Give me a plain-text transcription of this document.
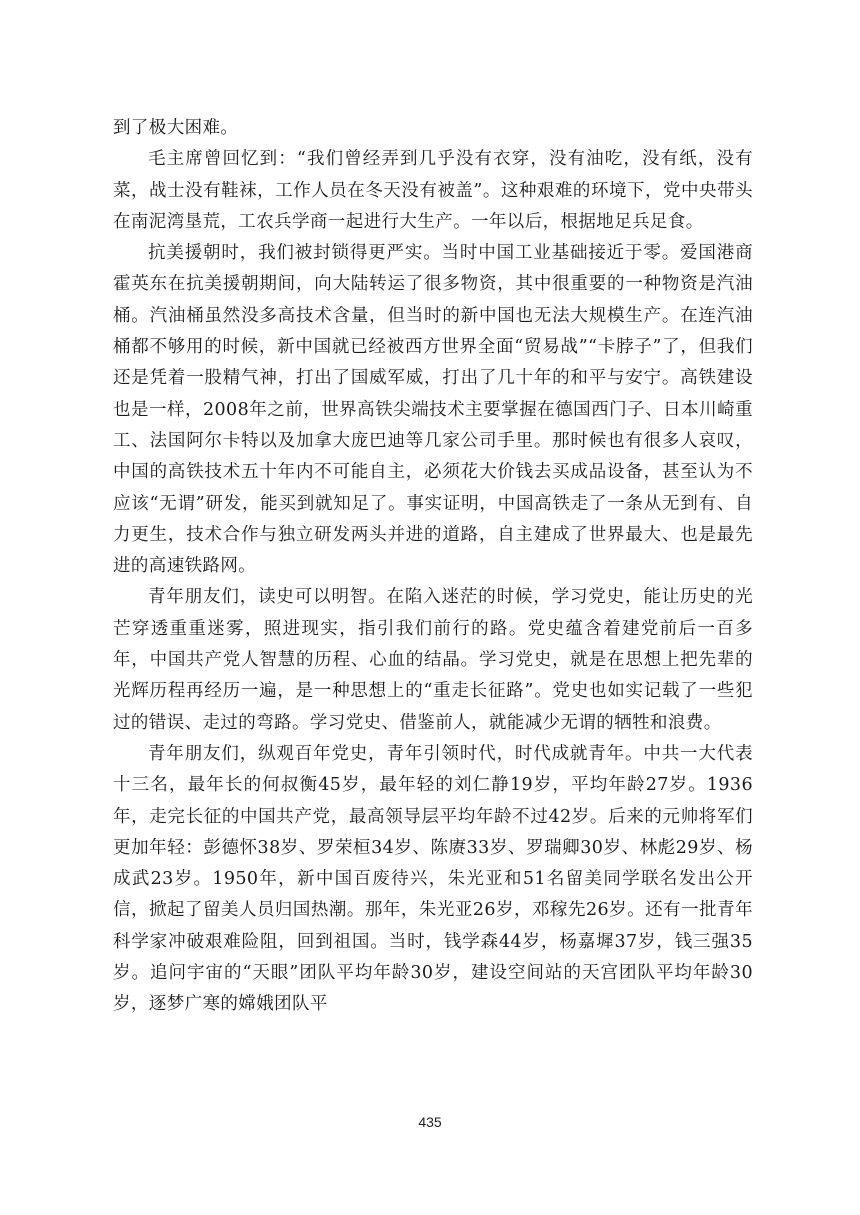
到了极大困难。

毛主席曾回忆到：“我们曾经弄到几乎没有衣穿，没有油吃，没有纸，没有菜，战士没有鞋袜，工作人员在冬天没有被盖”。这种艰难的环境下，党中央带头在南泥湾垦荒，工农兵学商一起进行大生产。一年以后，根据地足兵足食。

抗美援朝时，我们被封锁得更严实。当时中国工业基础接近于零。爱国港商霍英东在抗美援朝期间，向大陆转运了很多物资，其中很重要的一种物资是汽油桶。汽油桶虽然没多高技术含量，但当时的新中国也无法大规模生产。在连汽油桶都不够用的时候，新中国就已经被西方世界全面“贸易战”“卡脖子”了，但我们还是凭着一股精气神，打出了国威军威，打出了几十年的和平与安宁。高铁建设也是一样，2008年之前，世界高铁尖端技术主要掌握在德国西门子、日本川崎重工、法国阿尔卡特以及加拿大庞巴迪等几家公司手里。那时候也有很多人哀叹，中国的高铁技术五十年内不可能自主，必须花大价钱去买成品设备，甚至认为不应该“无谓”研发，能买到就知足了。事实证明，中国高铁走了一条从无到有、自力更生，技术合作与独立研发两头并进的道路，自主建成了世界最大、也是最先进的高速铁路网。

青年朋友们，读史可以明智。在陷入迷茫的时候，学习党史，能让历史的光芒穿透重重迷雾，照进现实，指引我们前行的路。党史蕴含着建党前后一百多年，中国共产党人智慧的历程、心血的结晶。学习党史，就是在思想上把先辈的光辉历程再经历一遍，是一种思想上的“重走长征路”。党史也如实记载了一些犯过的错误、走过的弯路。学习党史、借鉴前人，就能减少无谓的牺牲和浪费。

青年朋友们，纵观百年党史，青年引领时代，时代成就青年。中共一大代表十三名，最年长的何叔衡45岁，最年轻的刘仁静19岁，平均年龄27岁。1936年，走完长征的中国共产党，最高领导层平均年龄不过42岁。后来的元帅将军们更加年轻：彭德怀38岁、罗荣桓34岁、陈赓33岁、罗瑞卿30岁、林彪29岁、杨成武23岁。1950年，新中国百废待兴，朱光亚和51名留美同学联名发出公开信，掀起了留美人员归国热潮。那年，朱光亚26岁，邓稼先26岁。还有一批青年科学家冲破艰难险阻，回到祖国。当时，钱学森44岁，杨嘉墀37岁，钱三强35岁。追问宇宙的“天眼”团队平均年龄30岁，建设空间站的天宫团队平均年龄30岁，逐梦广寒的嫦娥团队平

435
